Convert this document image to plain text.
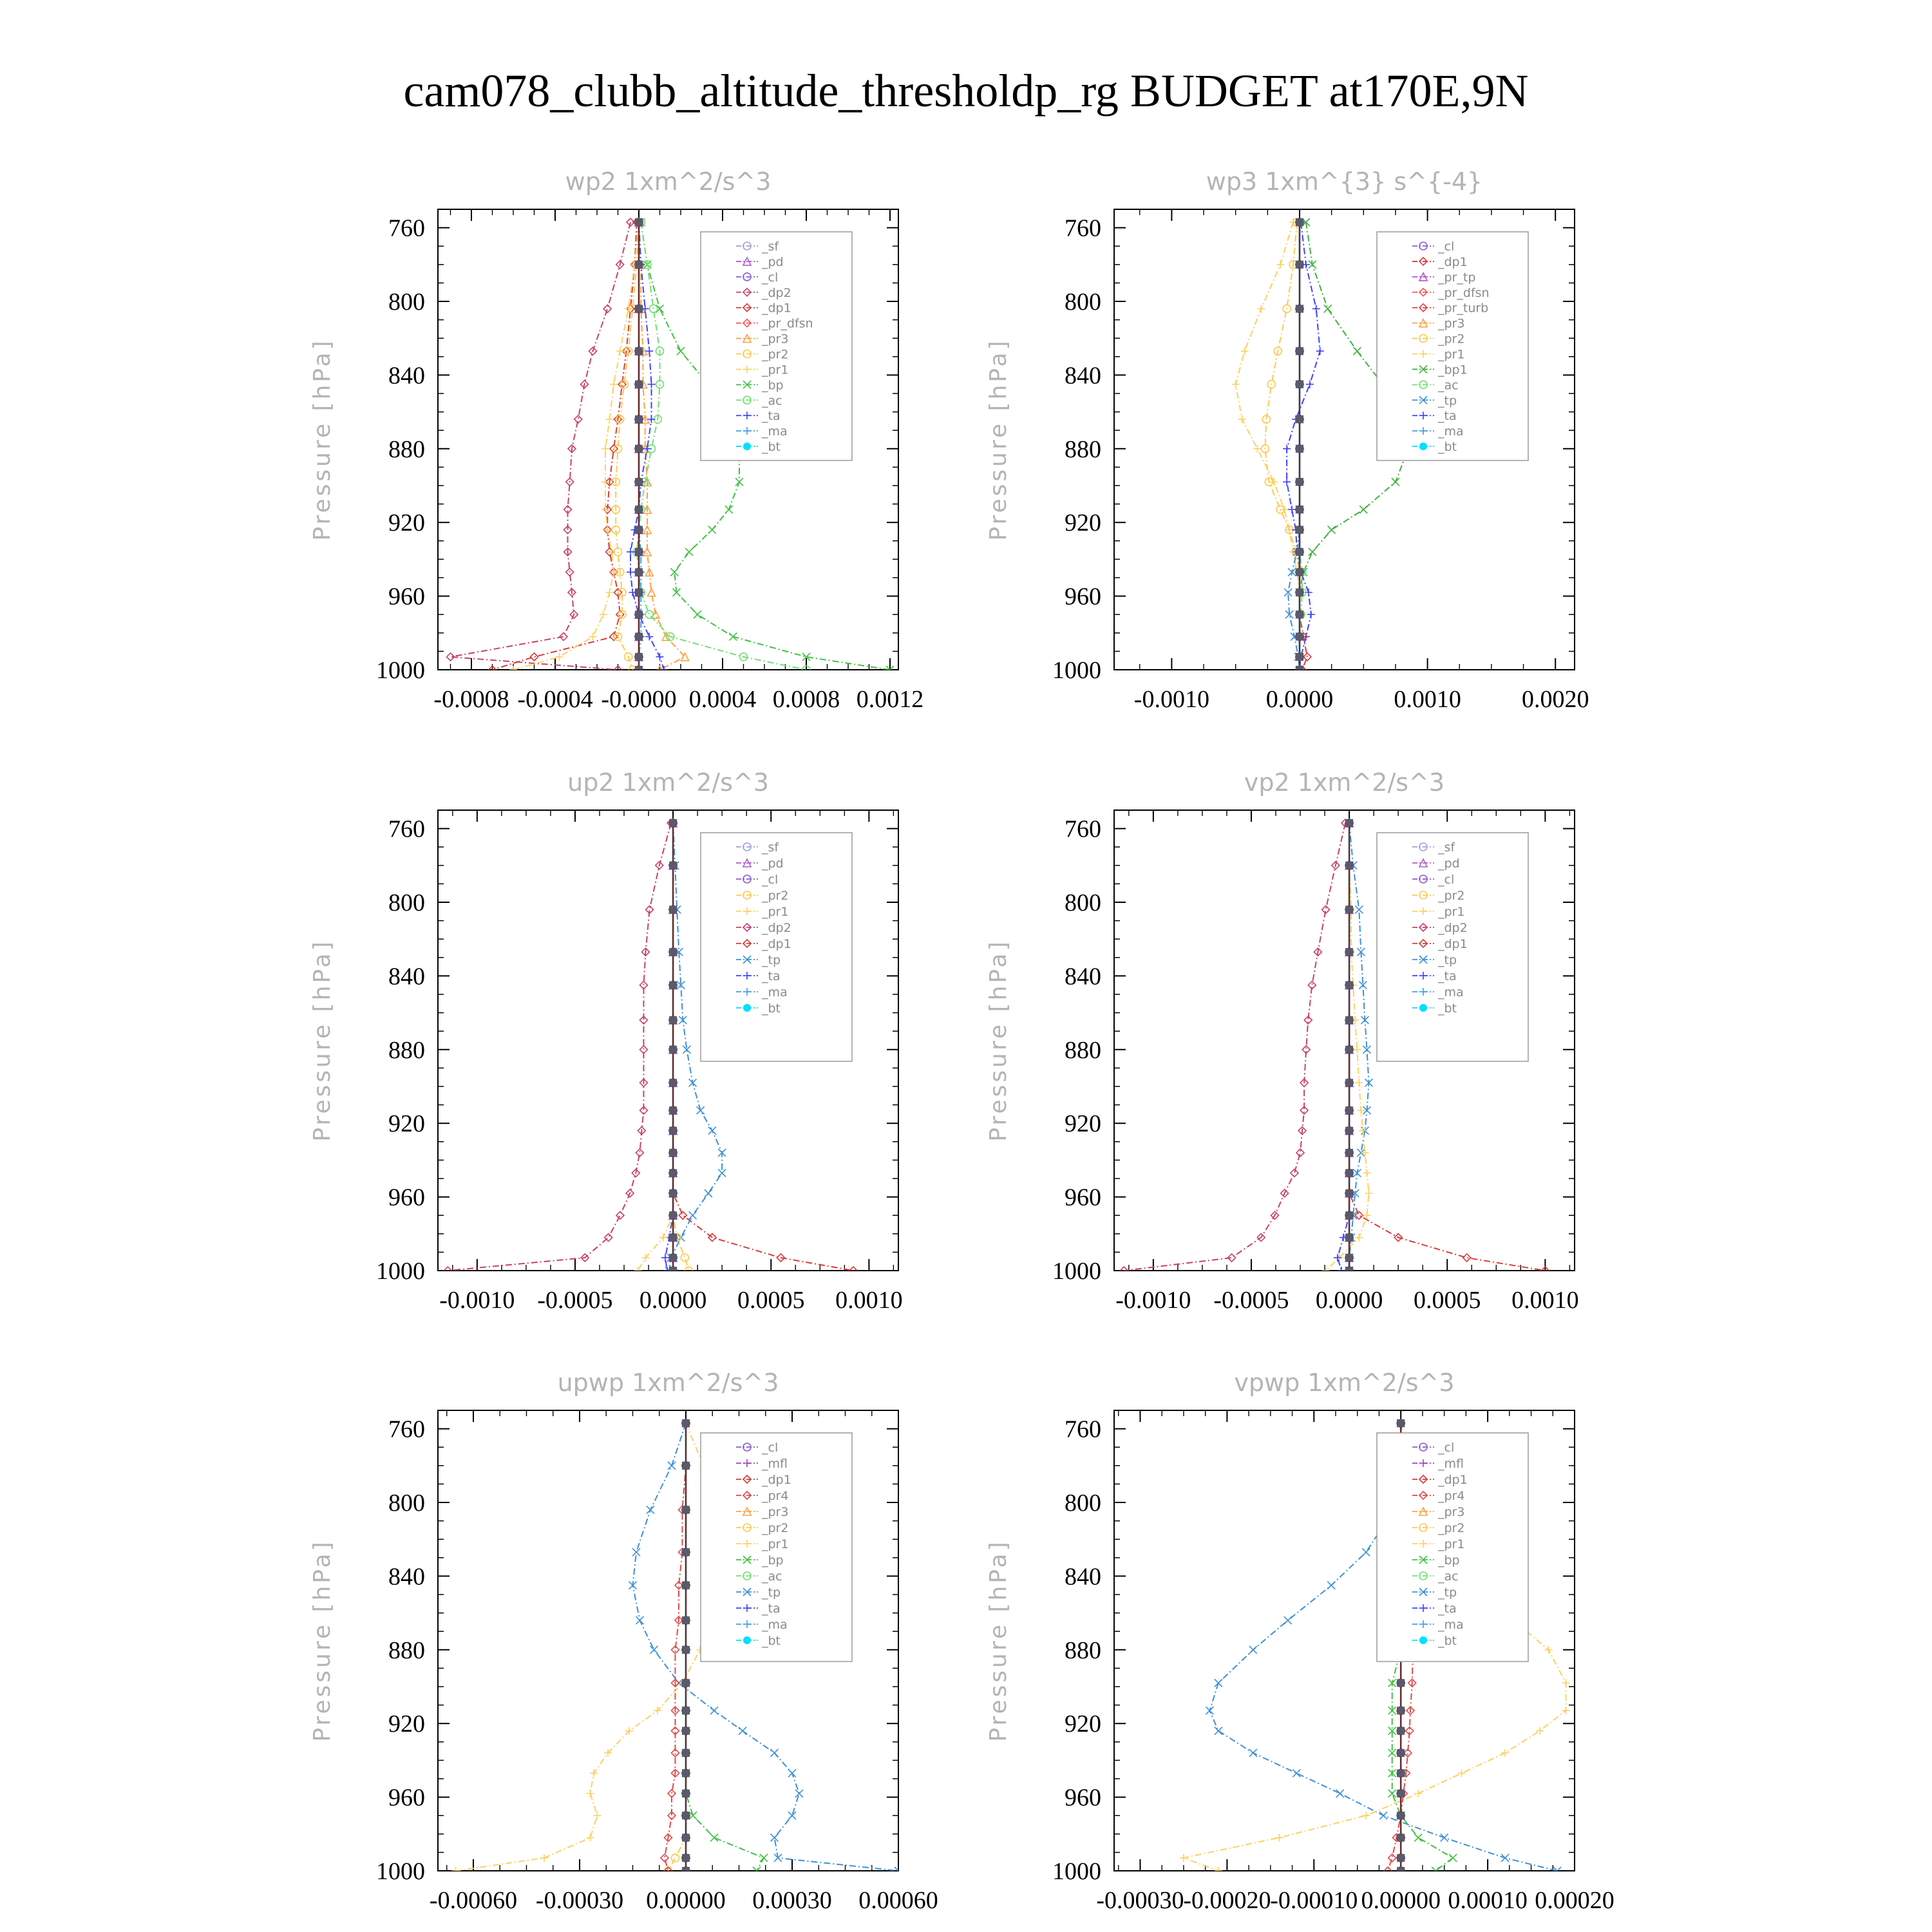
cam078_clubb_altitude_thresholdp_rg BUDGET at170E,9N
wp2 1xm^2/s^3
Pressure [hPa]
760
800
840
880
920
960
1000
-0.0008 -0.0004 -0.0000 0.0004 0.0008 0.0012
_sf
_pd
_cl
_dp2
_dp1
_pr_dfsn
_pr3
_pr2
_pr1
_bp
_ac
_ta
_ma
_bt
wp3 1xm^{3} s^{-4}
Pressure [hPa]
760
800
840
880
920
960
1000
-0.0010 0.0000 0.0010 0.0020
_cl
_dp1
_pr_tp
_pr_dfsn
_pr_turb
_pr3
_pr2
_pr1
_bp1
_ac
_tp
_ta
_ma
_bt
up2 1xm^2/s^3
Pressure [hPa]
760
800
840
880
920
960
1000
-0.0010 -0.0005 0.0000 0.0005 0.0010
_sf
_pd
_cl
_pr2
_pr1
_dp2
_dp1
_tp
_ta
_ma
_bt
vp2 1xm^2/s^3
Pressure [hPa]
760
800
840
880
920
960
1000
-0.0010 -0.0005 0.0000 0.0005 0.0010
_sf
_pd
_cl
_pr2
_pr1
_dp2
_dp1
_tp
_ta
_ma
_bt
upwp 1xm^2/s^3
Pressure [hPa]
760
800
840
880
920
960
1000
-0.00060 -0.00030 0.00000 0.00030 0.00060
_cl
_mfl
_dp1
_pr4
_pr3
_pr2
_pr1
_bp
_ac
_tp
_ta
_ma
_bt
vpwp 1xm^2/s^3
Pressure [hPa]
760
800
840
880
920
960
1000
-0.00030
-0.00020
-0.00010 0.00000 0.00010 0.00020
_cl
_mfl
_dp1
_pr4
_pr3
_pr2
_pr1
_bp
_ac
_tp
_ta
_ma
_bt
